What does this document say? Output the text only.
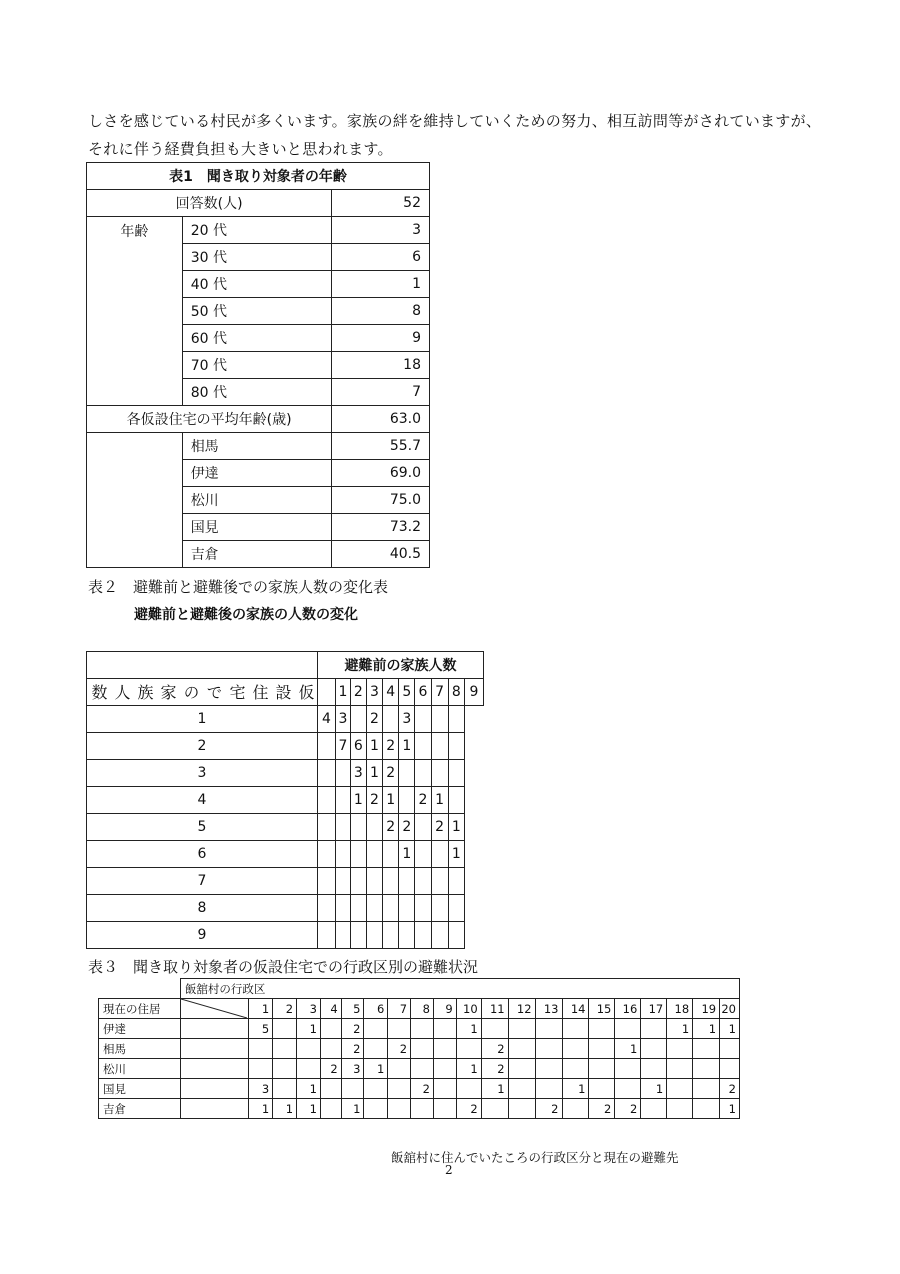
しさを感じている村民が多くいます。家族の絆を維持していくための努力、相互訪問等がされていますが、
それに伴う経費負担も大きいと思われます。
表1　聞き取り対象者の年齢		
回答数(人)		52
年齢	20 代	3
	30 代	6
	40 代	1
	50 代	8
	60 代	9
	70 代	18
	80 代	7
各仮設住宅の平均年齢(歳)		63.0
	相馬	55.7
	伊達	69.0
	松川	75.0
	国見	73.2
	吉倉	40.5
表２　避難前と避難後での家族人数の変化表
避難前と避難後の家族の人数の変化
	避難前の家族人数									
仮設住宅での家族人数		1	2	3	4	5	6	7	8	9
1	4	3		2		3				
2		7	6	1	2	1				
3			3	1	2					
4			1	2	1		2	1		
5					2	2		2	1	
6						1			1	
7										
8										
9										
表３　聞き取り対象者の仮設住宅での行政区別の避難状況
	飯舘村の行政区																				
現在の住居		1	2	3	4	5	6	7	8	9	10	11	12	13	14	15	16	17	18	19	20
伊達		5		1		2					1								1	1	1
相馬						2		2				2					1				
松川					2	3	1				1	2									
国見		3		1					2			1			1			1			2
吉倉		1	1	1		1					2			2		2	2				1
飯舘村に住んでいたころの行政区分と現在の避難先
2
